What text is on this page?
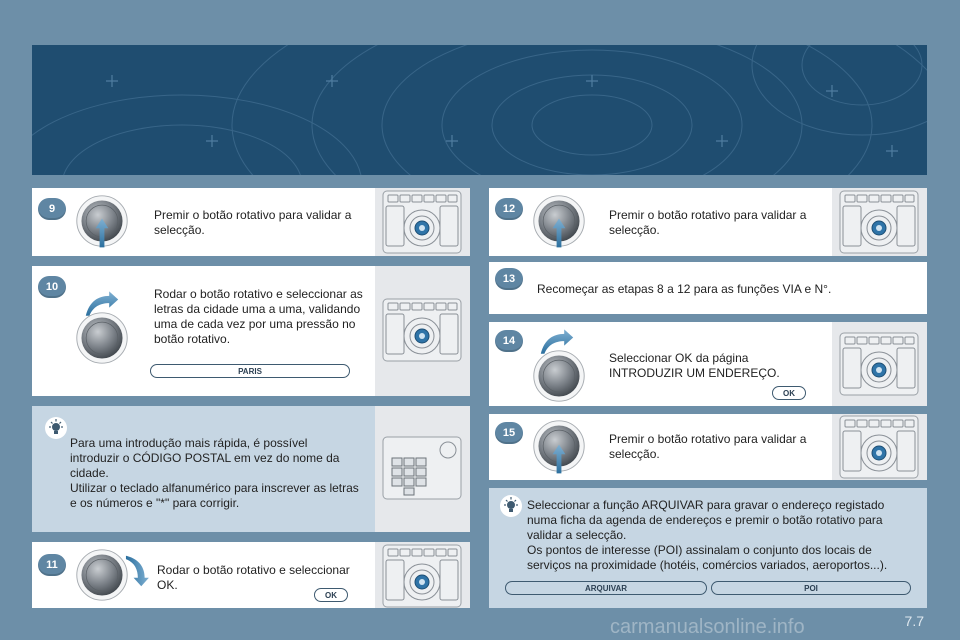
9	Premir o botão rotativo para validar a selecção.
10	Rodar o botão rotativo e seleccionar as letras da cidade uma a uma, validando uma de cada vez por uma pressão no botão rotativo.
PARIS
Para uma introdução mais rápida, é possível introduzir o CÓDIGO POSTAL em vez do nome da cidade.
Utilizar o teclado alfanumérico para inscrever as letras e os números e "*" para corrigir.
11	Rodar o botão rotativo e seleccionar OK.
OK
12	Premir o botão rotativo para validar a selecção.
13
Recomeçar as etapas 8 a 12 para as funções VIA e N°.
14
Seleccionar OK da página INTRODUZIR UM ENDEREÇO.
OK
15	Premir o botão rotativo para validar a selecção.
Seleccionar a função ARQUIVAR para gravar o endereço registado numa ficha da agenda de endereços e premir o botão rotativo para validar a selecção.
Os pontos de interesse (POI) assinalam o conjunto dos locais de serviços na proximidade (hotéis, comércios variados, aeroportos...).
ARQUIVAR	POI
7.7
carmanualsonline.info
